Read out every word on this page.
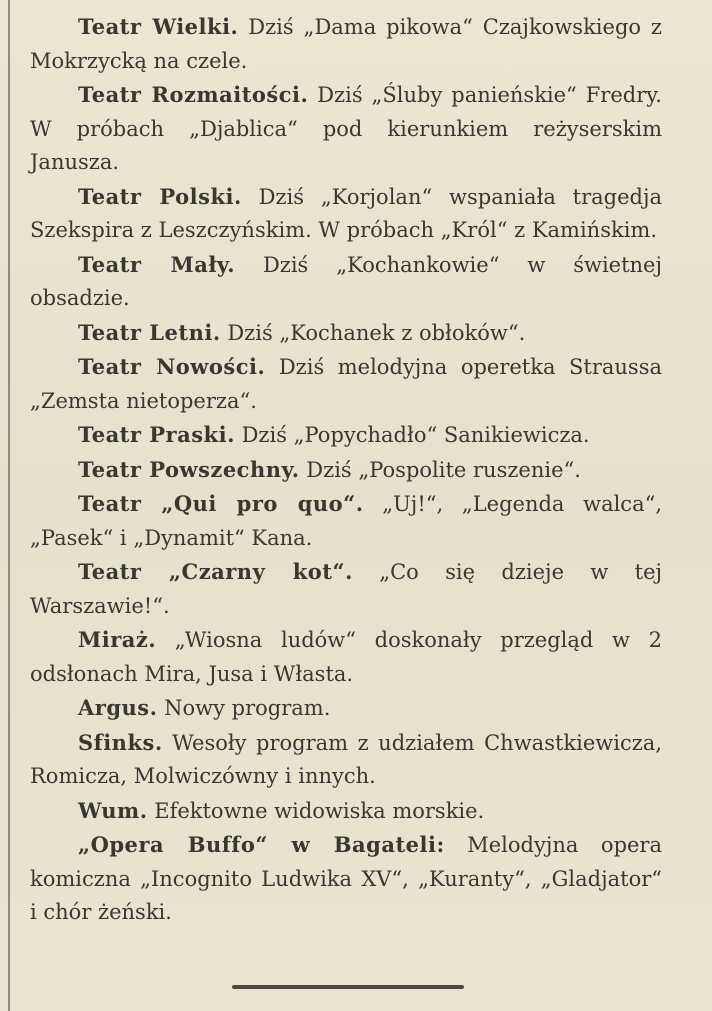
Teatr Wielki. Dziś „Dama pikowa“ Czajkowskiego z Mokrzycką na czele.

Teatr Rozmaitości. Dziś „Śluby panieńskie“ Fredry. W próbach „Djablica“ pod kierunkiem reżyserskim Janusza.

Teatr Polski. Dziś „Korjolan“ wspaniała tragedja Szekspira z Leszczyńskim. W próbach „Król“ z Kamińskim.

Teatr Mały. Dziś „Kochankowie“ w świetnej obsadzie.

Teatr Letni. Dziś „Kochanek z obłoków“.

Teatr Nowości. Dziś melodyjna operetka Straussa „Zemsta nietoperza“.

Teatr Praski. Dziś „Popychadło“ Sanikiewicza.

Teatr Powszechny. Dziś „Pospolite ruszenie“.

Teatr „Qui pro quo“. „Uj!“, „Legenda walca“, „Pasek“ i „Dynamit“ Kana.

Teatr „Czarny kot“. „Co się dzieje w tej Warszawie!“.

Miraż. „Wiosna ludów“ doskonały przegląd w 2 odsłonach Mira, Jusa i Własta.

Argus. Nowy program.

Sfinks. Wesoły program z udziałem Chwastkiewicza, Romicza, Molwiczówny i innych.

Wum. Efektowne widowiska morskie.

„Opera Buffo“ w Bagateli: Melodyjna opera komiczna „Incognito Ludwika XV“, „Kuranty“, „Gladjator“ i chór żeński.
